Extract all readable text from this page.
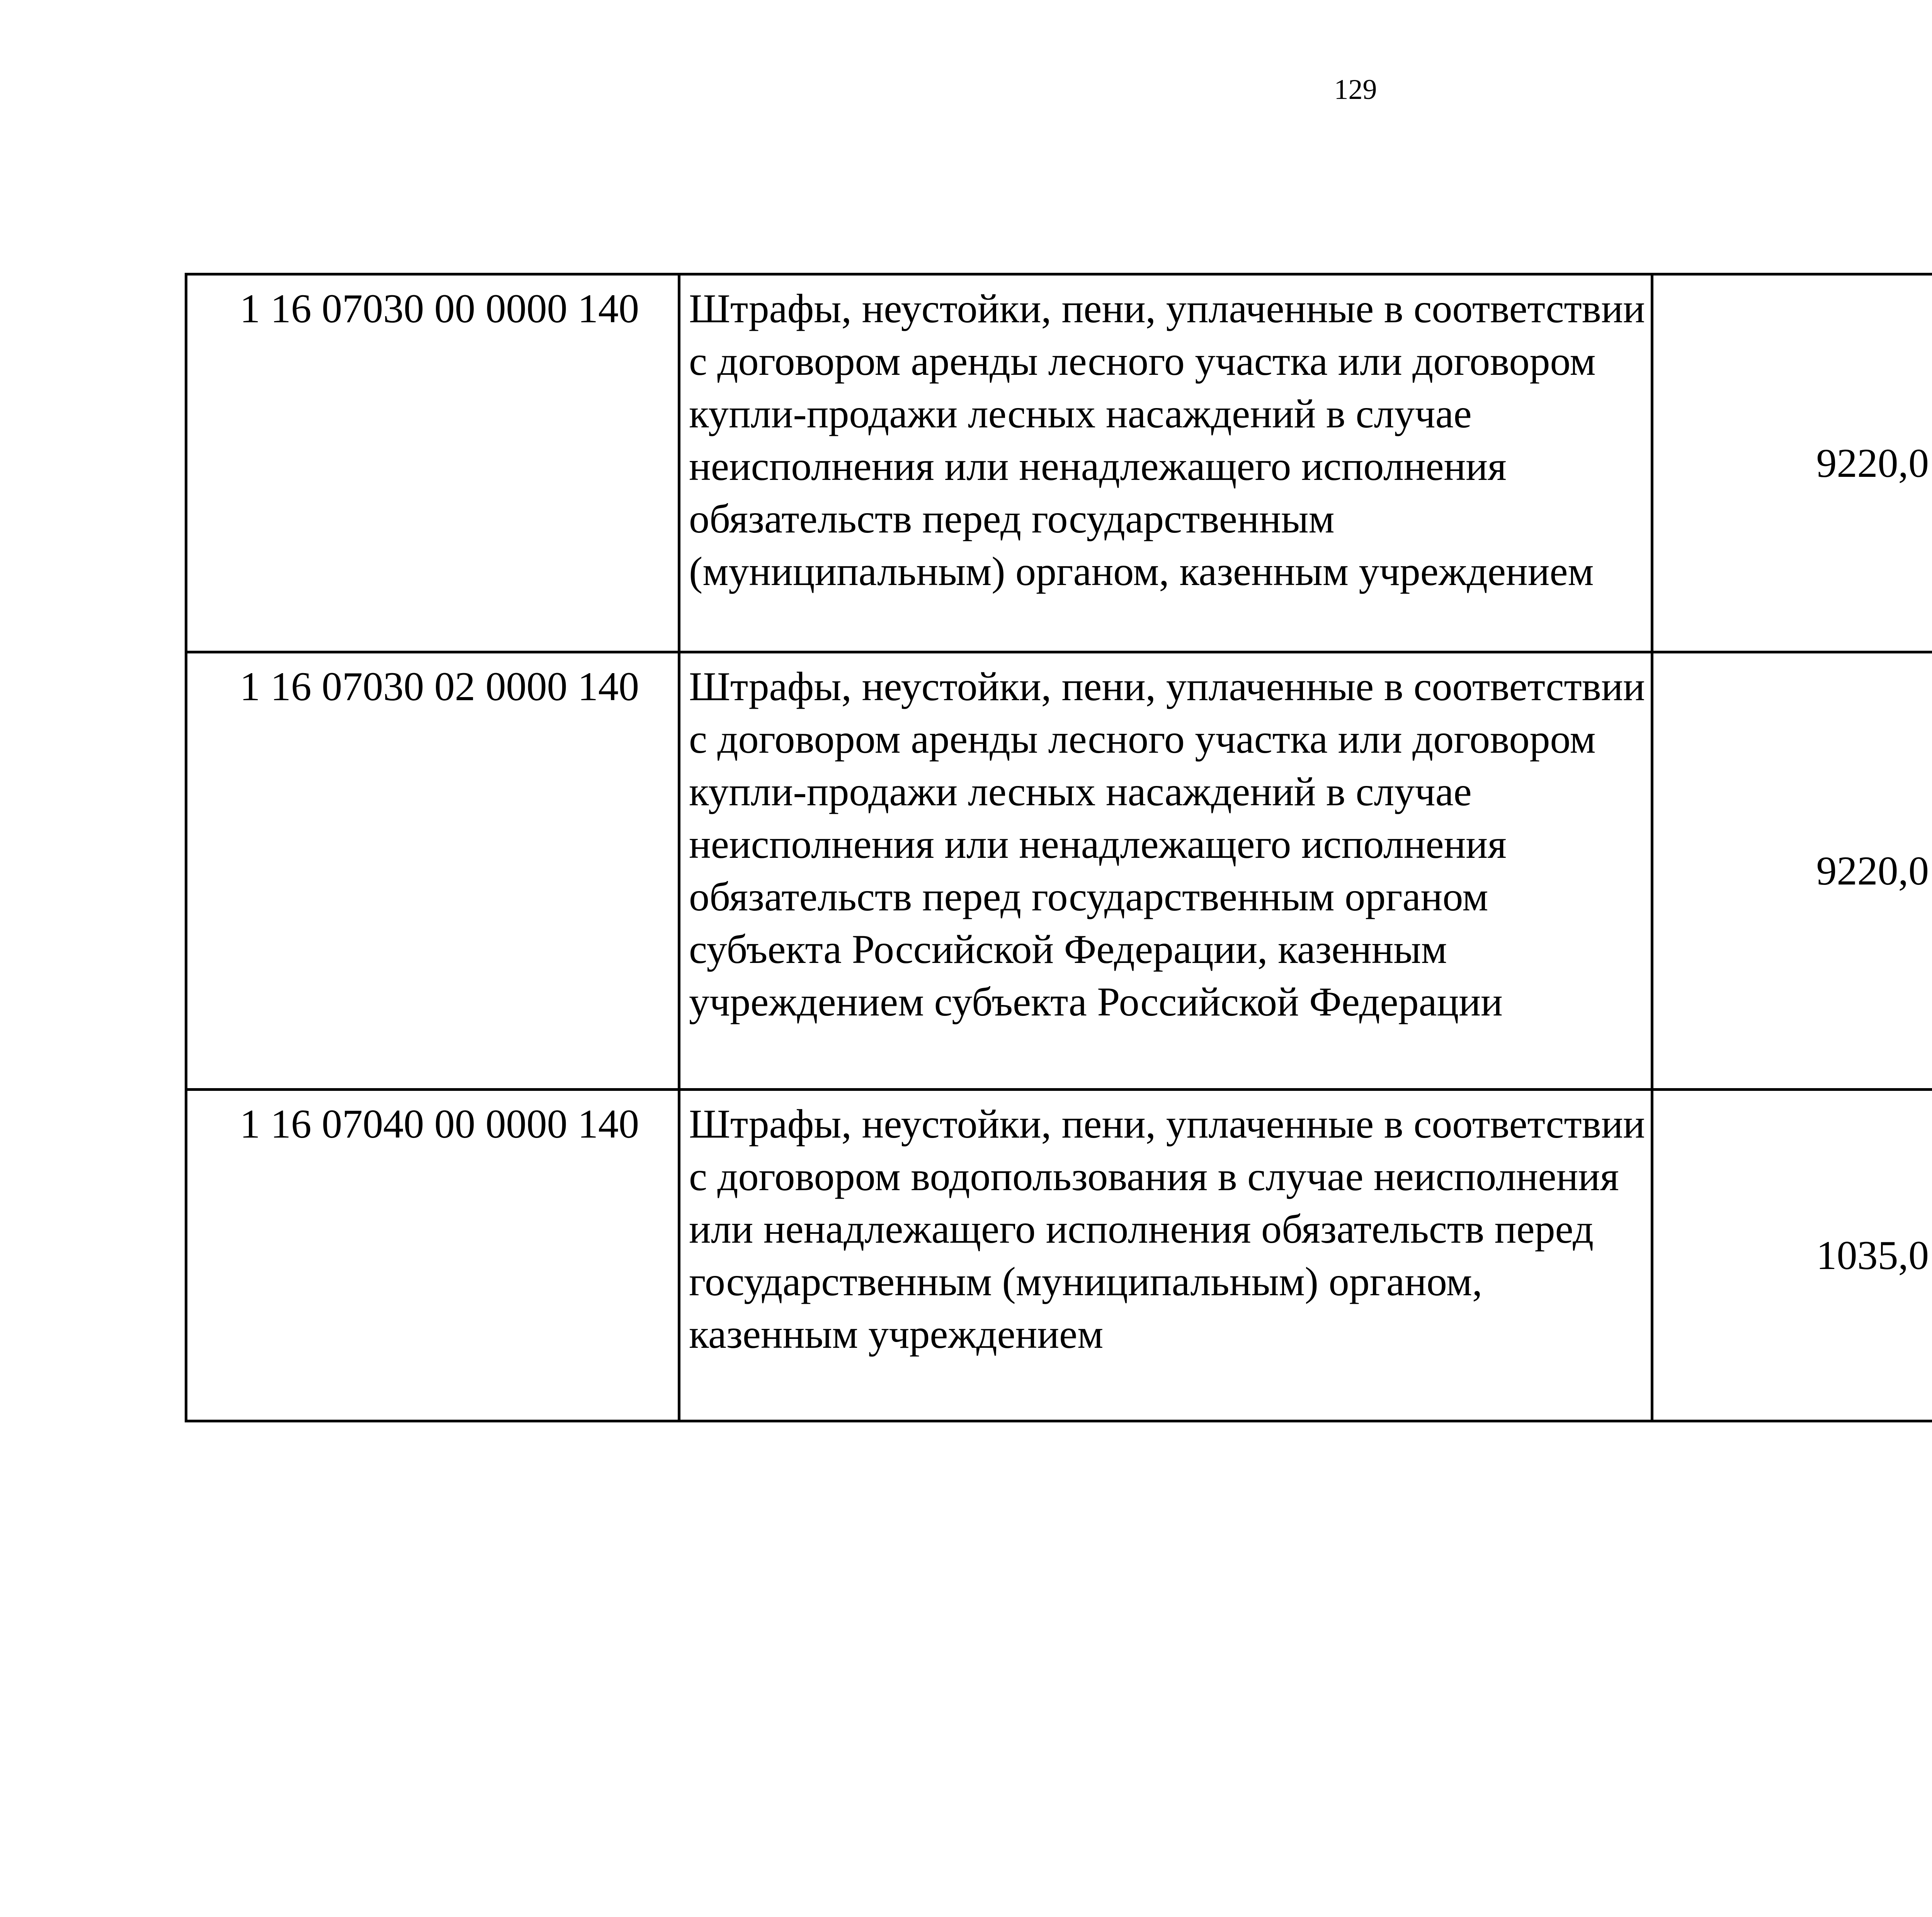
129
1 16 07030 00 0000 140	Штрафы, неустойки, пени, уплаченные в соответствии с договором аренды лесного участка или договором купли-продажи лесных насаждений в случае неисполнения или ненадлежащего исполнения обязательств перед государственным (муниципальным) органом, казенным учреждением	9220,0		
1 16 07030 02 0000 140	Штрафы, неустойки, пени, уплаченные в соответствии с договором аренды лесного участка или договором купли-продажи лесных насаждений в случае неисполнения или ненадлежащего исполнения обязательств перед государственным органом субъекта Российской Федерации, казенным учреждением субъекта Российской Федерации	9220,0		
1 16 07040 00 0000 140	Штрафы, неустойки, пени, уплаченные в соответствии с договором водопользования в случае неисполнения или ненадлежащего исполнения обязательств перед государственным (муниципальным) органом, казенным учреждением	1035,0		
